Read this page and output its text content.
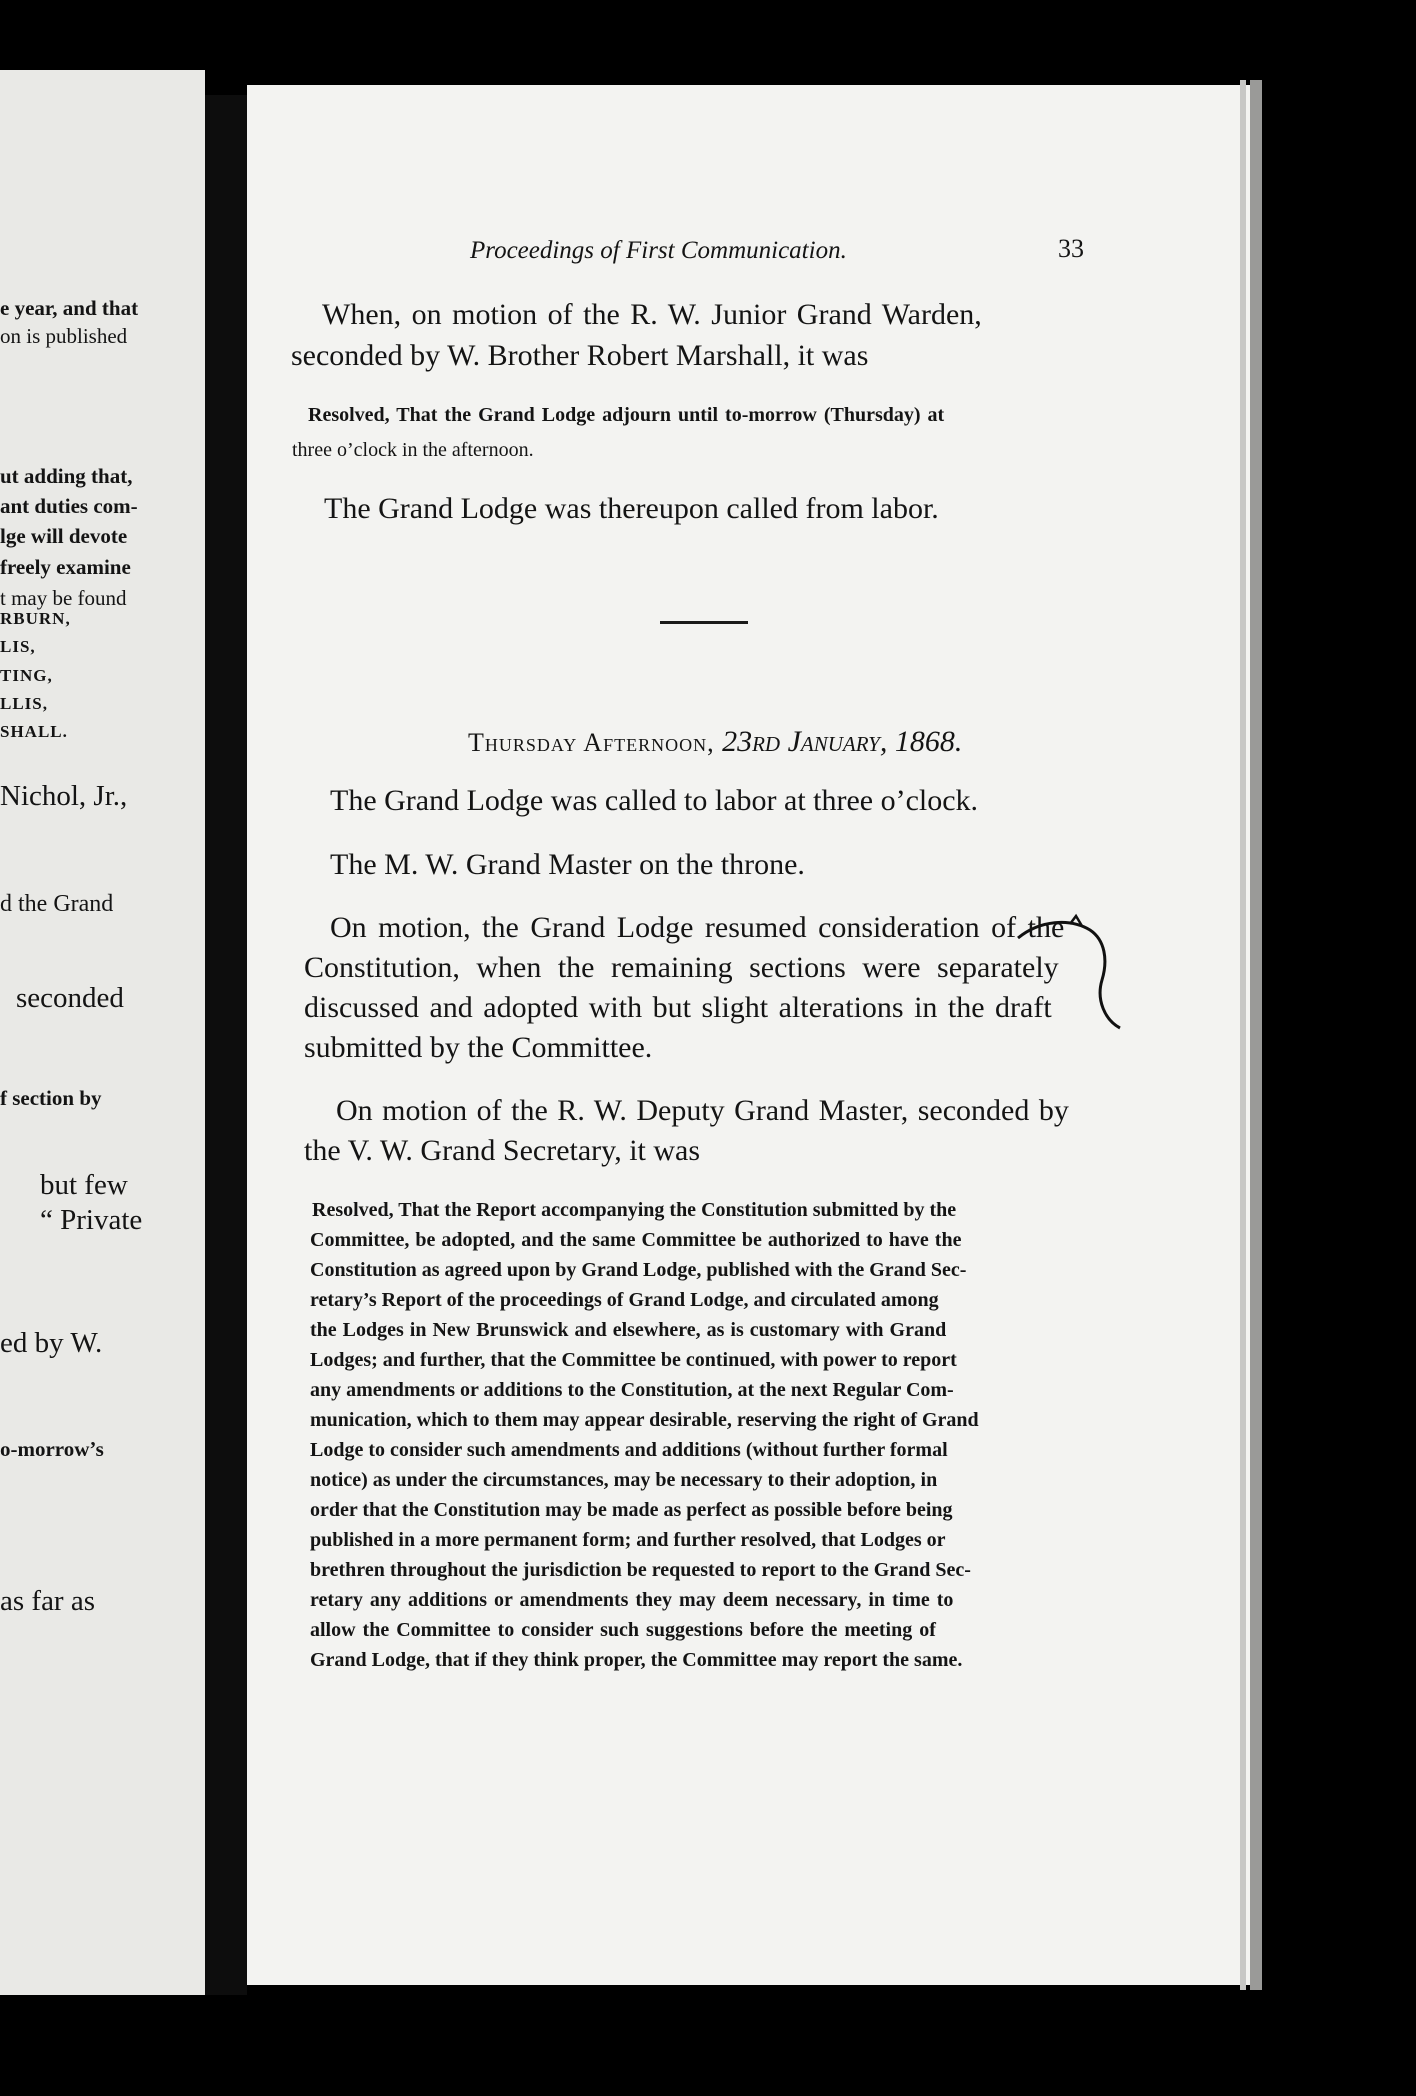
e year, and that
on is published
ut adding that,
ant duties com-
lge will devote
freely examine
t may be found
RBURN,
LIS,
TING,
LLIS,
SHALL.
Nichol, Jr.,
d the Grand
seconded
f section by
but few
“ Private
ed by W.
o-morrow’s
as far as
Proceedings of First Communication.	33
When, on motion of the R. W. Junior Grand Warden,
seconded by W. Brother Robert Marshall, it was
Resolved, That the Grand Lodge adjourn until to-morrow (Thursday) at
three o’clock in the afternoon.
The Grand Lodge was thereupon called from labor.
Thursday Afternoon, 23rd January, 1868.
The Grand Lodge was called to labor at three o’clock.
The M. W. Grand Master on the throne.
On motion, the Grand Lodge resumed consideration of the
Constitution, when the remaining sections were separately
discussed and adopted with but slight alterations in the draft
submitted by the Committee.
On motion of the R. W. Deputy Grand Master, seconded by
the V. W. Grand Secretary, it was
Resolved, That the Report accompanying the Constitution submitted by the
Committee, be adopted, and the same Committee be authorized to have the
Constitution as agreed upon by Grand Lodge, published with the Grand Sec-
retary’s Report of the proceedings of Grand Lodge, and circulated among
the Lodges in New Brunswick and elsewhere, as is customary with Grand
Lodges; and further, that the Committee be continued, with power to report
any amendments or additions to the Constitution, at the next Regular Com-
munication, which to them may appear desirable, reserving the right of Grand
Lodge to consider such amendments and additions (without further formal
notice) as under the circumstances, may be necessary to their adoption, in
order that the Constitution may be made as perfect as possible before being
published in a more permanent form; and further resolved, that Lodges or
brethren throughout the jurisdiction be requested to report to the Grand Sec-
retary any additions or amendments they may deem necessary, in time to
allow the Committee to consider such suggestions before the meeting of
Grand Lodge, that if they think proper, the Committee may report the same.
